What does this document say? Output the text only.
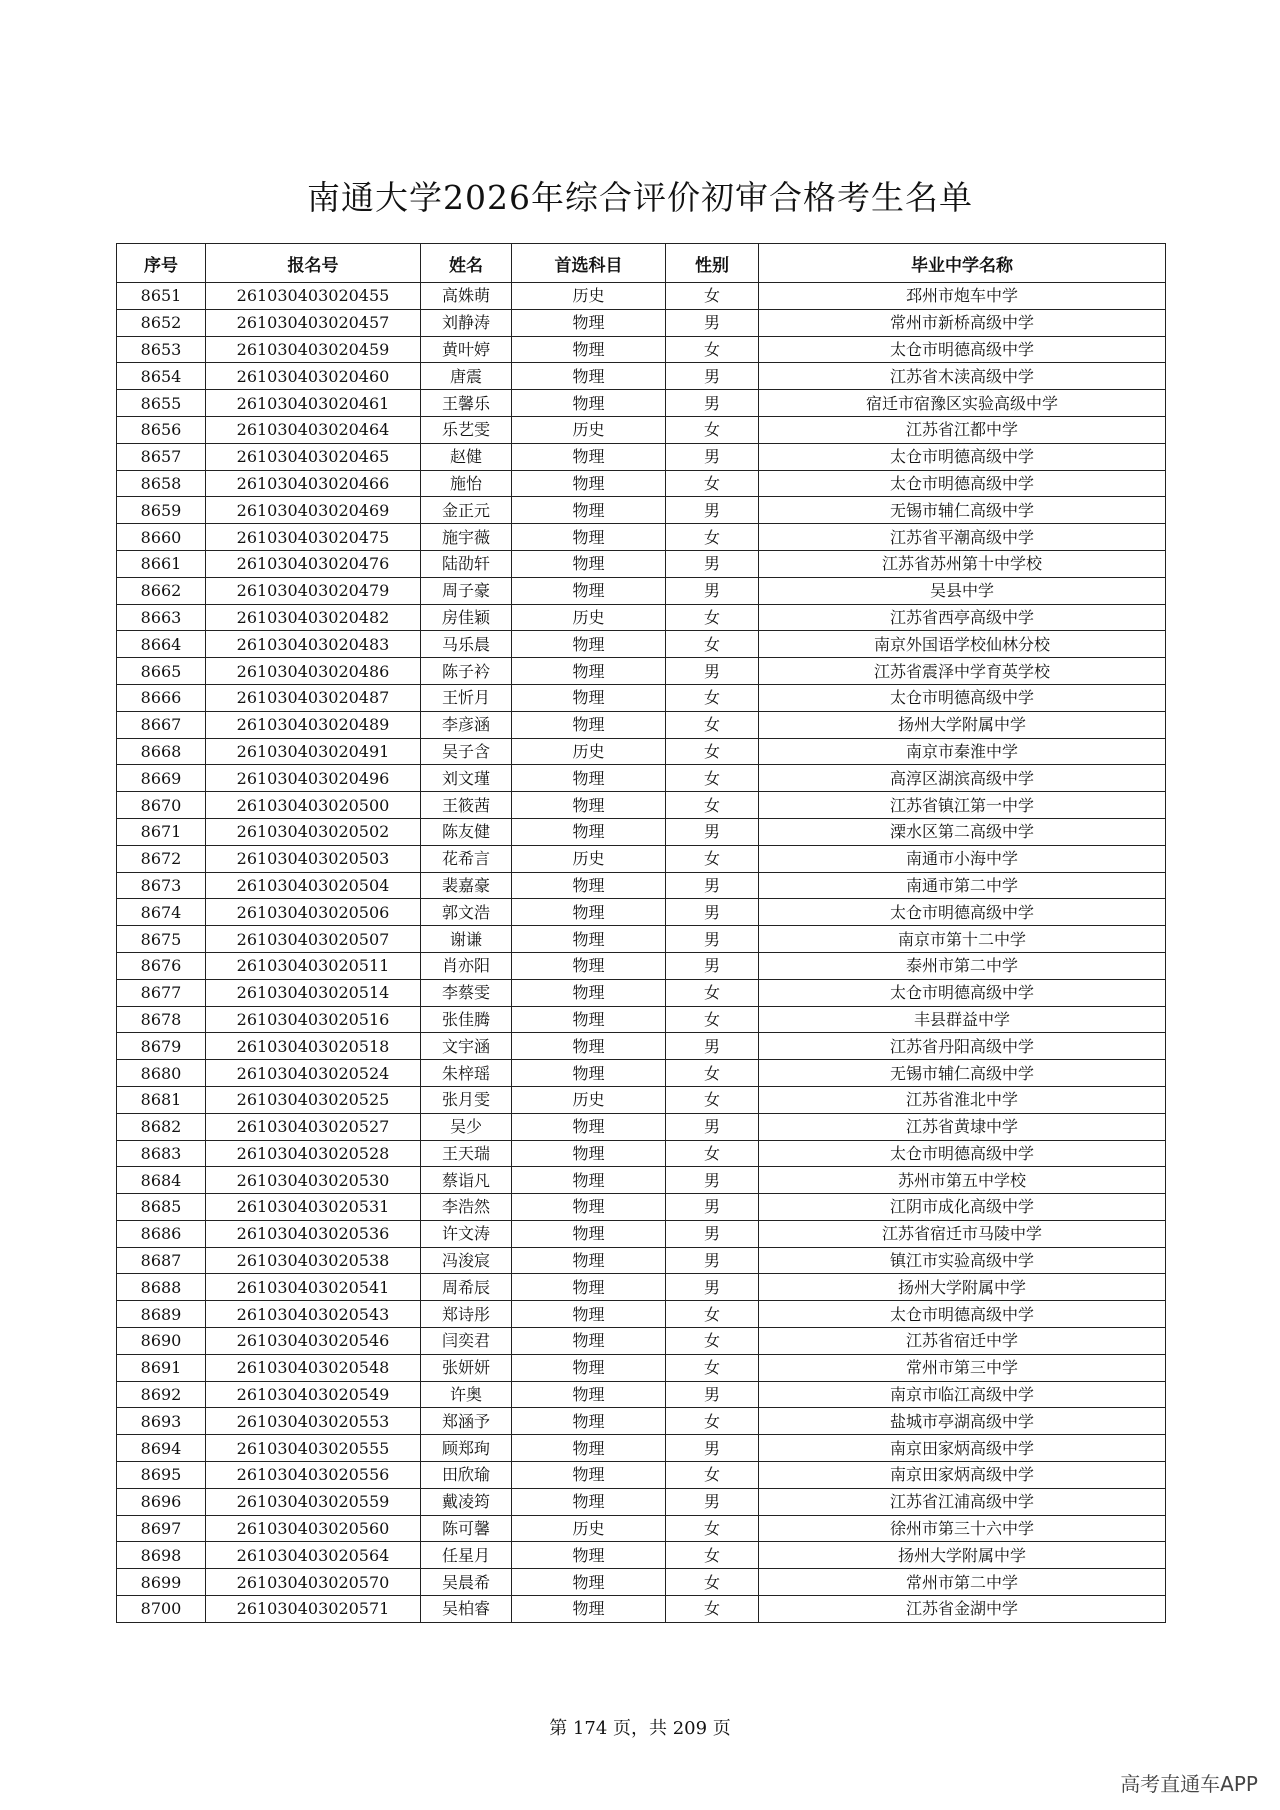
南通大学2026年综合评价初审合格考生名单
序号	报名号	姓名	首选科目	性别	毕业中学名称
8651	261030403020455	高姝萌	历史	女	邳州市炮车中学
8652	261030403020457	刘静涛	物理	男	常州市新桥高级中学
8653	261030403020459	黄叶婷	物理	女	太仓市明德高级中学
8654	261030403020460	唐震	物理	男	江苏省木渎高级中学
8655	261030403020461	王馨乐	物理	男	宿迁市宿豫区实验高级中学
8656	261030403020464	乐艺雯	历史	女	江苏省江都中学
8657	261030403020465	赵健	物理	男	太仓市明德高级中学
8658	261030403020466	施怡	物理	女	太仓市明德高级中学
8659	261030403020469	金正元	物理	男	无锡市辅仁高级中学
8660	261030403020475	施宇薇	物理	女	江苏省平潮高级中学
8661	261030403020476	陆劭轩	物理	男	江苏省苏州第十中学校
8662	261030403020479	周子豪	物理	男	吴县中学
8663	261030403020482	房佳颖	历史	女	江苏省西亭高级中学
8664	261030403020483	马乐晨	物理	女	南京外国语学校仙林分校
8665	261030403020486	陈子衿	物理	男	江苏省震泽中学育英学校
8666	261030403020487	王忻月	物理	女	太仓市明德高级中学
8667	261030403020489	李彦涵	物理	女	扬州大学附属中学
8668	261030403020491	吴子含	历史	女	南京市秦淮中学
8669	261030403020496	刘文瑾	物理	女	高淳区湖滨高级中学
8670	261030403020500	王筱茜	物理	女	江苏省镇江第一中学
8671	261030403020502	陈友健	物理	男	溧水区第二高级中学
8672	261030403020503	花希言	历史	女	南通市小海中学
8673	261030403020504	裴嘉豪	物理	男	南通市第二中学
8674	261030403020506	郭文浩	物理	男	太仓市明德高级中学
8675	261030403020507	谢谦	物理	男	南京市第十二中学
8676	261030403020511	肖亦阳	物理	男	泰州市第二中学
8677	261030403020514	李蔡雯	物理	女	太仓市明德高级中学
8678	261030403020516	张佳腾	物理	女	丰县群益中学
8679	261030403020518	文宇涵	物理	男	江苏省丹阳高级中学
8680	261030403020524	朱梓瑶	物理	女	无锡市辅仁高级中学
8681	261030403020525	张月雯	历史	女	江苏省淮北中学
8682	261030403020527	吴少	物理	男	江苏省黄埭中学
8683	261030403020528	王天瑞	物理	女	太仓市明德高级中学
8684	261030403020530	蔡诣凡	物理	男	苏州市第五中学校
8685	261030403020531	李浩然	物理	男	江阴市成化高级中学
8686	261030403020536	许文涛	物理	男	江苏省宿迁市马陵中学
8687	261030403020538	冯浚宸	物理	男	镇江市实验高级中学
8688	261030403020541	周希辰	物理	男	扬州大学附属中学
8689	261030403020543	郑诗彤	物理	女	太仓市明德高级中学
8690	261030403020546	闫奕君	物理	女	江苏省宿迁中学
8691	261030403020548	张妍妍	物理	女	常州市第三中学
8692	261030403020549	许奥	物理	男	南京市临江高级中学
8693	261030403020553	郑涵予	物理	女	盐城市亭湖高级中学
8694	261030403020555	顾郑珣	物理	男	南京田家炳高级中学
8695	261030403020556	田欣瑜	物理	女	南京田家炳高级中学
8696	261030403020559	戴凌筠	物理	男	江苏省江浦高级中学
8697	261030403020560	陈可馨	历史	女	徐州市第三十六中学
8698	261030403020564	任星月	物理	女	扬州大学附属中学
8699	261030403020570	吴晨希	物理	女	常州市第二中学
8700	261030403020571	吴柏睿	物理	女	江苏省金湖中学
第 174 页，共 209 页
高考直通车APP
